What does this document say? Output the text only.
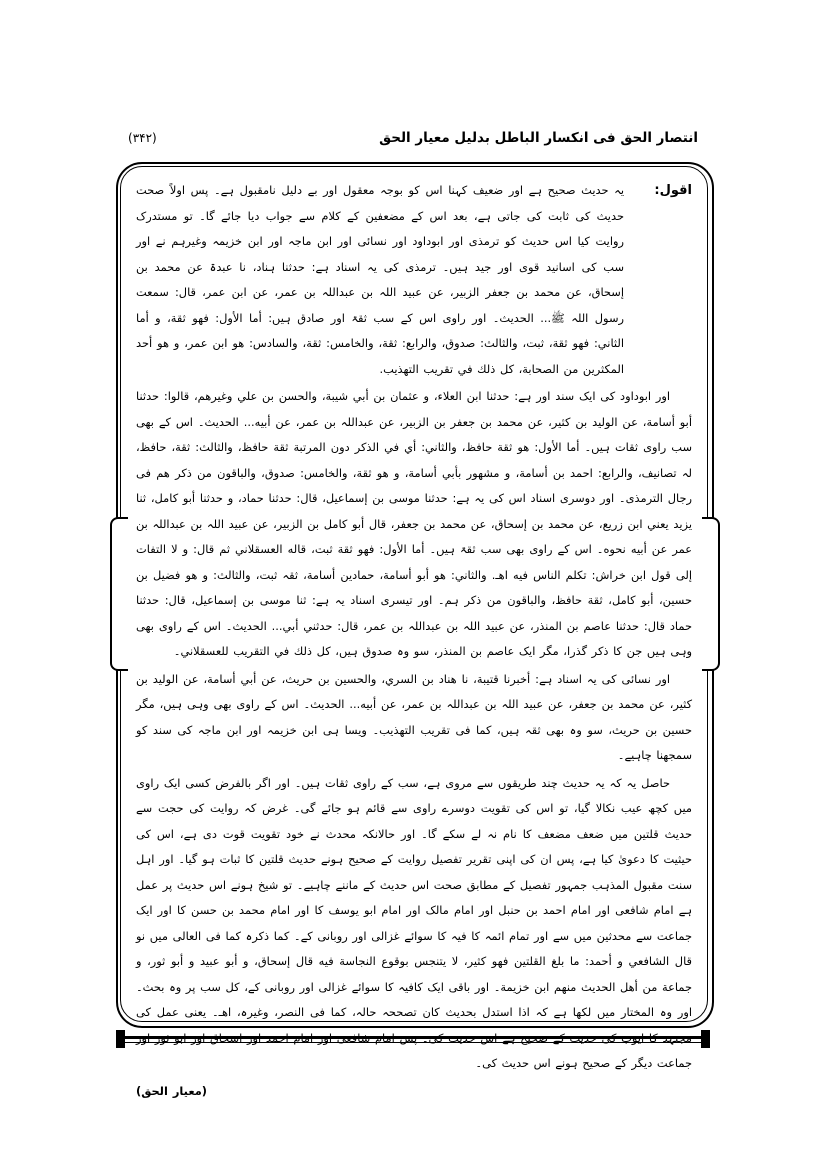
انتصار الحق فی انکسار الباطل بدلیل معیار الحق
(۳۴۲)
اقول:
یہ حدیث صحیح ہے اور ضعیف کہنا اس کو بوجہ معقول اور بے دلیل نامقبول ہے۔ پس اولاً صحت حدیث کی ثابت کی جاتی ہے، بعد اس کے مضعفین کے کلام سے جواب دیا جائے گا۔ تو مستدرک روایت کیا اس حدیث کو ترمذی اور ابوداود اور نسائی اور ابن ماجہ اور ابن خزیمہ وغیرہم نے اور سب کی اسانید قوی اور جید ہیں۔ ترمذی کی یہ اسناد ہے: حدثنا ہناد، نا عبدۃ عن محمد بن إسحاق، عن محمد بن جعفر الزبیر، عن عبید اللہ بن عبداللہ بن عمر، عن ابن عمر، قال: سمعت رسول اللہ ﷺ... الحدیث۔ اور راوی اس کے سب ثقۃ اور صادق ہیں: أما الأول: فهو ثقة، و أما الثاني: فهو ثقة، ثبت، والثالث: صدوق، والرابع: ثقة، والخامس: ثقة، والسادس: هو ابن عمر، و هو أحد المكثرين من الصحابة، كل ذلك في تقريب التهذيب.

اور ابوداود کی ایک سند اور ہے: حدثنا ابن العلاء، و عثمان بن أبي شيبة، والحسن بن علي وغيرهم، قالوا: حدثنا أبو أسامة، عن الوليد بن كثير، عن محمد بن جعفر بن الزبير، عن عبداللہ بن عمر، عن أبيه... الحديث۔ اس کے بھی سب راوی ثقات ہیں۔ أما الأول: هو ثقة حافظ، والثاني: أي في الذكر دون المرتبة ثقة حافظ، والثالث: ثقة، حافظ، لہ تصانیف، والرابع: احمد بن أسامة، و مشهور بأبي أسامة، و هو ثقة، والخامس: صدوق، والباقون من ذکر هم فی رجال الترمذی۔ اور دوسری اسناد اس کی یہ ہے: حدثنا موسى بن إسماعيل، قال: حدثنا حماد، و حدثنا أبو كامل، ثنا يزيد يعني ابن زريع، عن محمد بن إسحاق، عن محمد بن جعفر، قال أبو كامل بن الزبير، عن عبيد اللہ بن عبداللہ بن عمر عن أبيه نحوه۔ اس کے راوی بھی سب ثقۃ ہیں۔ أما الأول: فهو ثقة ثبت، قاله العسقلاني ثم قال: و لا التفات إلى قول ابن خراش: تكلم الناس فيه اهـ. والثاني: هو أبو أسامة، حمادین أسامة، ثقہ ثبت، والثالث: و هو فضيل بن حسين، أبو كامل، ثقة حافظ، والباقون من ذکر ہم۔ اور تیسری اسناد یہ ہے: ثنا موسى بن إسماعيل، قال: حدثنا حماد قال: حدثنا عاصم بن المنذر، عن عبيد اللہ بن عبداللہ بن عمر، قال: حدثني أبي... الحديث۔ اس کے راوی بھی وہی ہیں جن کا ذکر گذرا، مگر ایک عاصم بن المنذر، سو وہ صدوق ہیں، كل ذلك في التقريب للعسقلاني۔

اور نسائی کی یہ اسناد ہے: أخبرنا قتيبة، نا هناد بن السري، والحسين بن حريث، عن أبي أسامة، عن الوليد بن كثير، عن محمد بن جعفر، عن عبيد اللہ بن عبداللہ بن عمر، عن أبيه... الحديث۔ اس کے راوی بھی وہی ہیں، مگر حسین بن حریث، سو وہ بھی ثقہ ہیں، کما فی تقریب التهذیب۔ ویسا ہی ابن خزیمہ اور ابن ماجہ کی سند کو سمجھنا چاہیے۔

حاصل یہ کہ یہ حدیث چند طریقوں سے مروی ہے، سب کے راوی ثقات ہیں۔ اور اگر بالفرض کسی ایک راوی میں کچھ عیب نکالا گیا، تو اس کی تقویت دوسرے راوی سے قائم ہو جائے گی۔ غرض کہ روایت کی حجت سے حدیث قلتین میں ضعف مضعف کا نام نہ لے سکے گا۔ اور حالانکہ محدث نے خود تقویت قوت دی ہے، اس کی حیثیت کا دعویٰ کیا ہے، پس ان کی اپنی تقریر تفصیل روایت کے صحیح ہونے حدیث قلتین کا ثبات ہو گیا۔ اور اہل سنت مقبول المذہب جمہور تفصیل کے مطابق صحت اس حدیث کے ماننے چاہیے۔ تو شیخ ہونے اس حدیث پر عمل ہے امام شافعی اور امام احمد بن حنبل اور امام مالک اور امام ابو یوسف کا اور امام محمد بن حسن کا اور ایک جماعت سے محدثین میں سے اور تمام ائمہ کا فیہ کا سوائے غزالی اور روبانی کے۔ کما ذکرہ کما فی العالی میں نو قال الشافعي و أحمد: ما بلغ القلتين فهو كثير، لا يتنجس بوقوع النجاسة فيه قال إسحاق، و أبو عبيد و أبو ثور، و جماعة من أهل الحديث منهم ابن خزيمة۔ اور باقی ایک کافیہ کا سوائے غزالی اور روبانی کے، کل سب پر وہ بحث۔ اور وہ المختار میں لکھا ہے کہ اذا استدل بحدیث کان تصححہ حالہ، کما فی النصر، وغیرہ، اھـ۔ یعنی عمل کی مجتہد کا ایوب کی حدیث کے صحیح ہے اس حدیث کی۔ پس امام شافعی اور امام احمد اور اسحاق اور ابو ثور اور جماعت دیگر کے صحیح ہونے اس حدیث کی۔

(معیار الحق)
